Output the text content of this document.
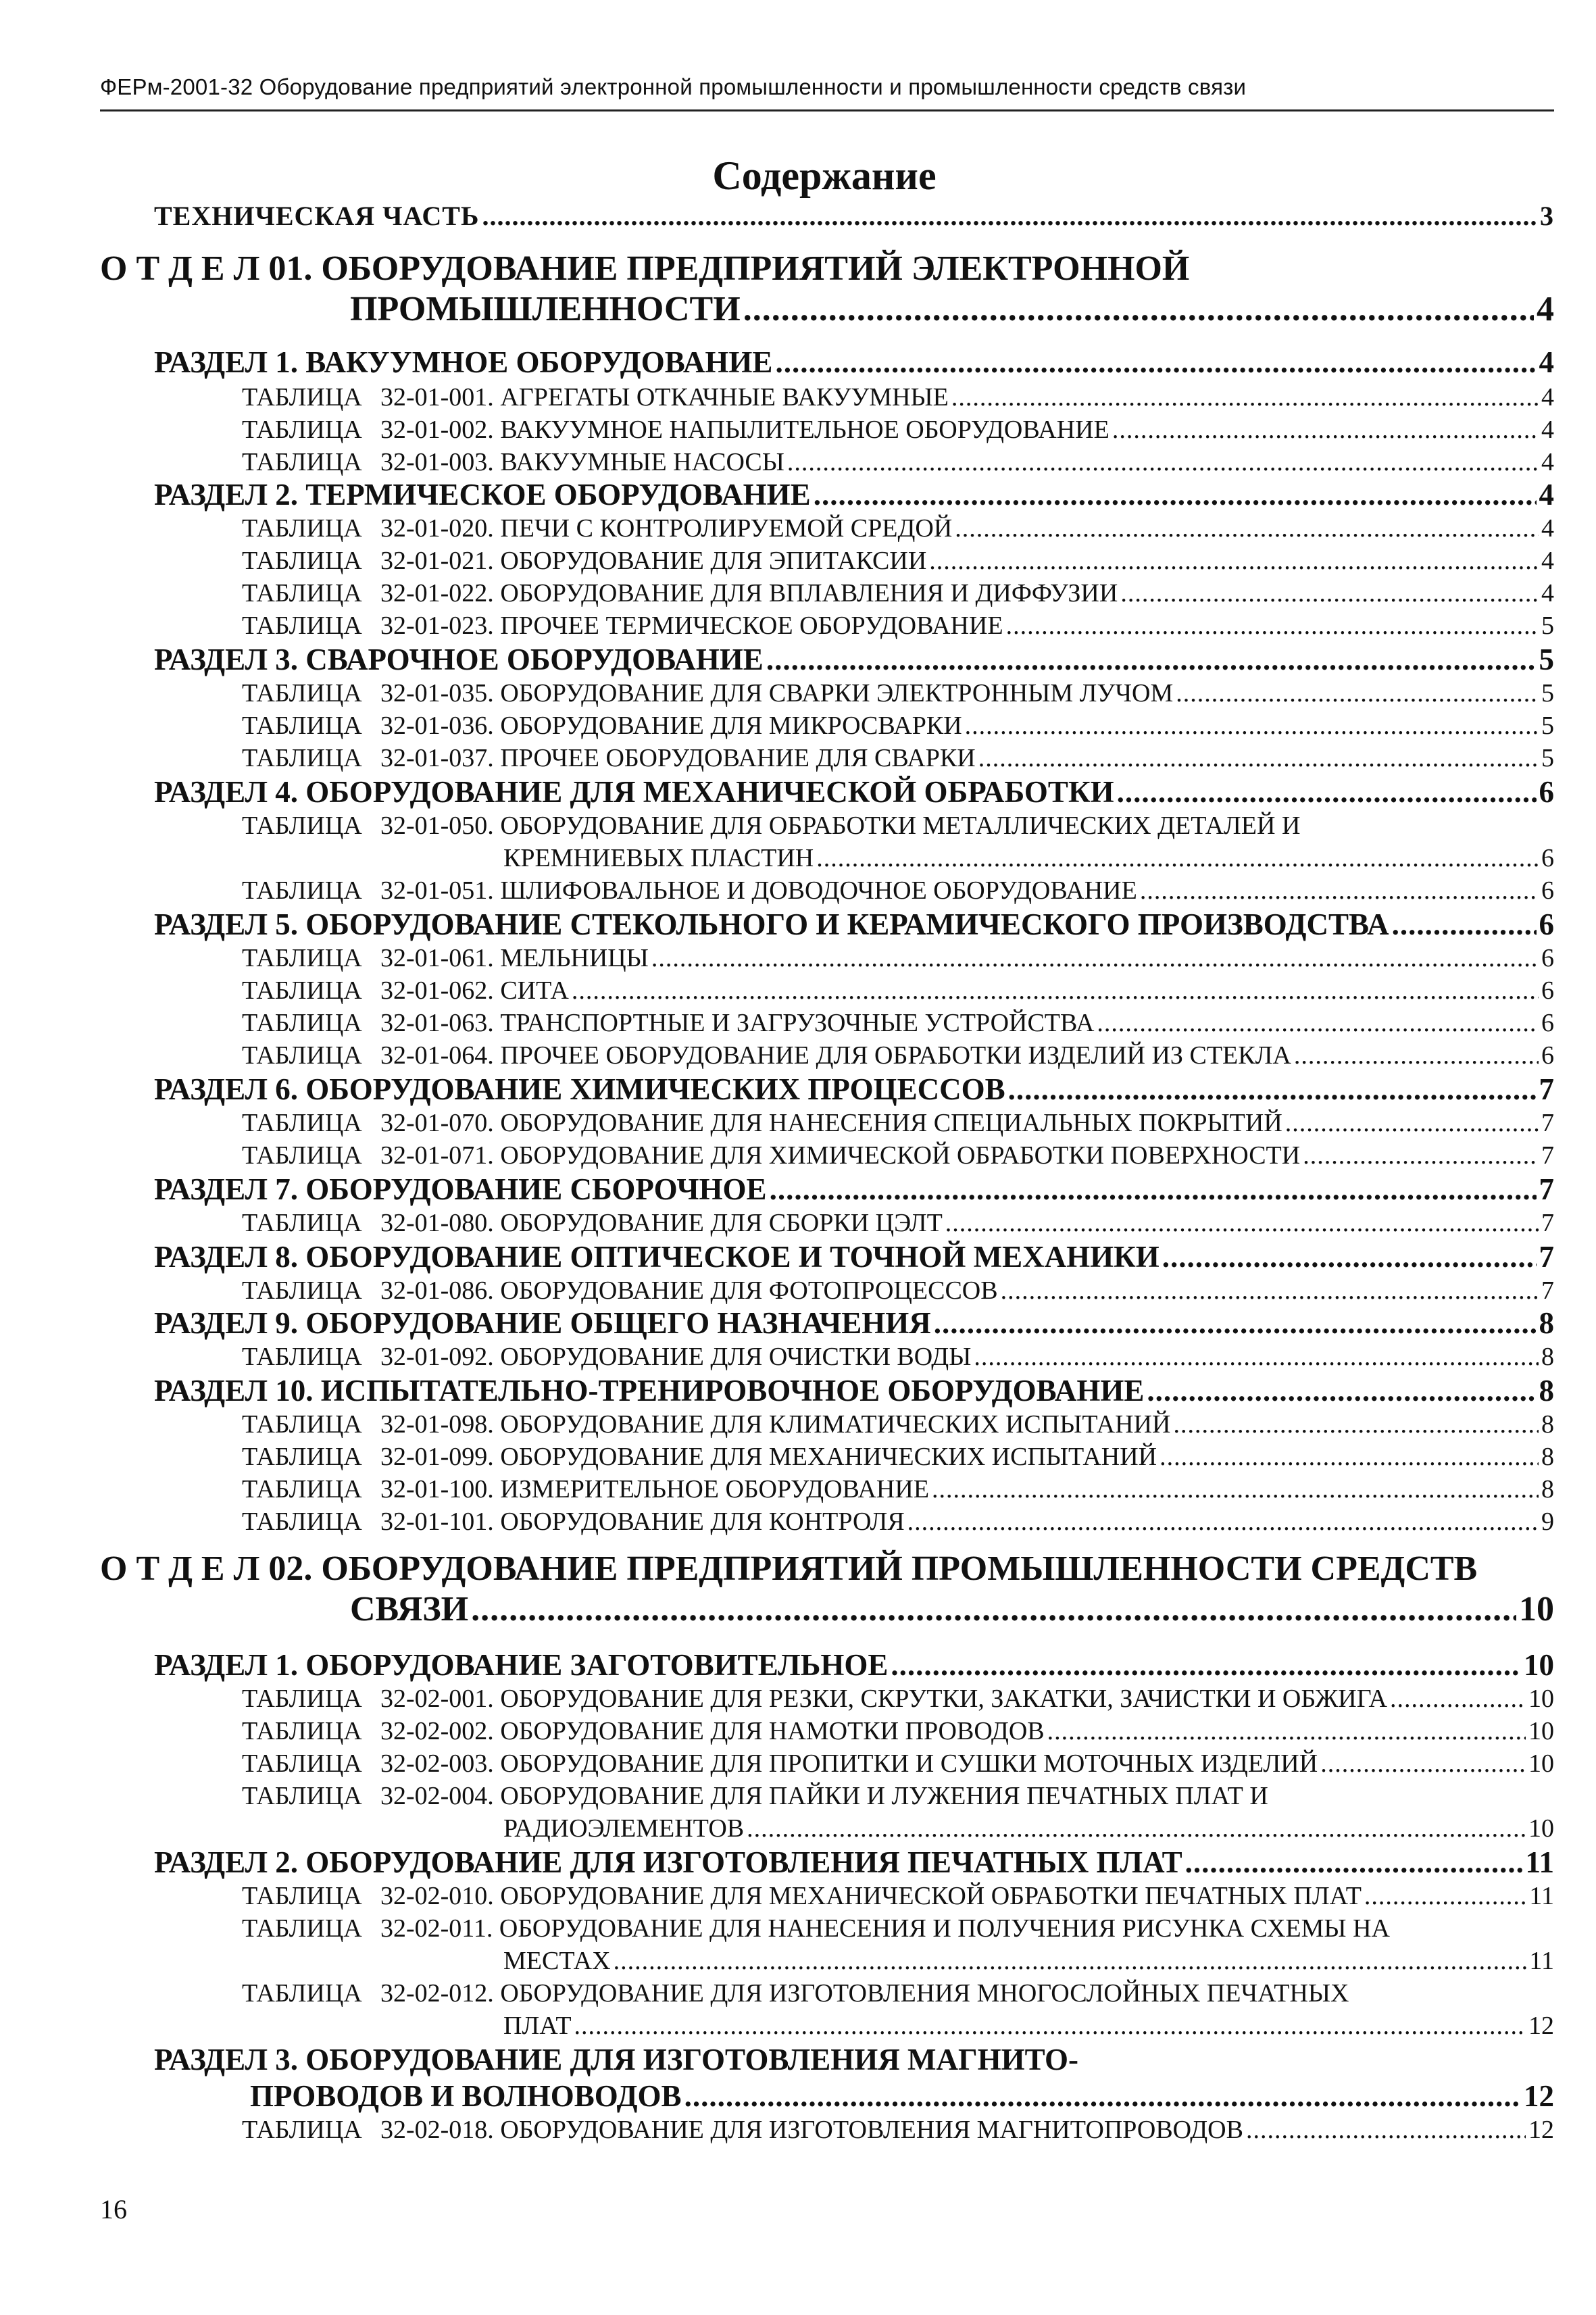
ФЕРм-2001-32 Оборудование предприятий электронной промышленности и промышленности средств связи
Содержание
ТЕХНИЧЕСКАЯ ЧАСТЬ .....	3
О Т Д Е Л 01. ОБОРУДОВАНИЕ ПРЕДПРИЯТИЙ ЭЛЕКТРОННОЙ
ПРОМЫШЛЕННОСТИ .....	4
РАЗДЕЛ 1. ВАКУУМНОЕ ОБОРУДОВАНИЕ .....	4
ТАБЛИЦА 32-01-001. АГРЕГАТЫ ОТКАЧНЫЕ ВАКУУМНЫЕ .....	4
ТАБЛИЦА 32-01-002. ВАКУУМНОЕ НАПЫЛИТЕЛЬНОЕ ОБОРУДОВАНИЕ .....	4
ТАБЛИЦА 32-01-003. ВАКУУМНЫЕ НАСОСЫ .....	4
РАЗДЕЛ 2. ТЕРМИЧЕСКОЕ ОБОРУДОВАНИЕ .....	4
ТАБЛИЦА 32-01-020. ПЕЧИ С КОНТРОЛИРУЕМОЙ СРЕДОЙ .....	4
ТАБЛИЦА 32-01-021. ОБОРУДОВАНИЕ ДЛЯ ЭПИТАКСИИ .....	4
ТАБЛИЦА 32-01-022. ОБОРУДОВАНИЕ ДЛЯ ВПЛАВЛЕНИЯ И ДИФФУЗИИ .....	4
ТАБЛИЦА 32-01-023. ПРОЧЕЕ ТЕРМИЧЕСКОЕ ОБОРУДОВАНИЕ .....	5
РАЗДЕЛ 3. СВАРОЧНОЕ ОБОРУДОВАНИЕ .....	5
ТАБЛИЦА 32-01-035. ОБОРУДОВАНИЕ ДЛЯ СВАРКИ ЭЛЕКТРОННЫМ ЛУЧОМ .....	5
ТАБЛИЦА 32-01-036. ОБОРУДОВАНИЕ ДЛЯ МИКРОСВАРКИ .....	5
ТАБЛИЦА 32-01-037. ПРОЧЕЕ ОБОРУДОВАНИЕ ДЛЯ СВАРКИ .....	5
РАЗДЕЛ 4. ОБОРУДОВАНИЕ ДЛЯ МЕХАНИЧЕСКОЙ ОБРАБОТКИ .....	6
ТАБЛИЦА 32-01-050. ОБОРУДОВАНИЕ ДЛЯ ОБРАБОТКИ МЕТАЛЛИЧЕСКИХ ДЕТАЛЕЙ И
КРЕМНИЕВЫХ ПЛАСТИН .....	6
ТАБЛИЦА 32-01-051. ШЛИФОВАЛЬНОЕ И ДОВОДОЧНОЕ ОБОРУДОВАНИЕ .....	6
РАЗДЕЛ 5. ОБОРУДОВАНИЕ СТЕКОЛЬНОГО И КЕРАМИЧЕСКОГО ПРОИЗВОДСТВА .....	6
ТАБЛИЦА 32-01-061. МЕЛЬНИЦЫ .....	6
ТАБЛИЦА 32-01-062. СИТА .....	6
ТАБЛИЦА 32-01-063. ТРАНСПОРТНЫЕ И ЗАГРУЗОЧНЫЕ УСТРОЙСТВА .....	6
ТАБЛИЦА 32-01-064. ПРОЧЕЕ ОБОРУДОВАНИЕ ДЛЯ ОБРАБОТКИ ИЗДЕЛИЙ ИЗ СТЕКЛА .....	6
РАЗДЕЛ 6. ОБОРУДОВАНИЕ ХИМИЧЕСКИХ ПРОЦЕССОВ .....	7
ТАБЛИЦА 32-01-070. ОБОРУДОВАНИЕ ДЛЯ НАНЕСЕНИЯ СПЕЦИАЛЬНЫХ ПОКРЫТИЙ .....	7
ТАБЛИЦА 32-01-071. ОБОРУДОВАНИЕ ДЛЯ ХИМИЧЕСКОЙ ОБРАБОТКИ ПОВЕРХНОСТИ .....	7
РАЗДЕЛ 7. ОБОРУДОВАНИЕ СБОРОЧНОЕ .....	7
ТАБЛИЦА 32-01-080. ОБОРУДОВАНИЕ ДЛЯ СБОРКИ ЦЭЛТ .....	7
РАЗДЕЛ 8. ОБОРУДОВАНИЕ ОПТИЧЕСКОЕ И ТОЧНОЙ МЕХАНИКИ .....	7
ТАБЛИЦА 32-01-086. ОБОРУДОВАНИЕ ДЛЯ ФОТОПРОЦЕССОВ .....	7
РАЗДЕЛ 9. ОБОРУДОВАНИЕ ОБЩЕГО НАЗНАЧЕНИЯ .....	8
ТАБЛИЦА 32-01-092. ОБОРУДОВАНИЕ ДЛЯ ОЧИСТКИ ВОДЫ .....	8
РАЗДЕЛ 10. ИСПЫТАТЕЛЬНО-ТРЕНИРОВОЧНОЕ ОБОРУДОВАНИЕ .....	8
ТАБЛИЦА 32-01-098. ОБОРУДОВАНИЕ ДЛЯ КЛИМАТИЧЕСКИХ ИСПЫТАНИЙ .....	8
ТАБЛИЦА 32-01-099. ОБОРУДОВАНИЕ ДЛЯ МЕХАНИЧЕСКИХ ИСПЫТАНИЙ .....	8
ТАБЛИЦА 32-01-100. ИЗМЕРИТЕЛЬНОЕ ОБОРУДОВАНИЕ .....	8
ТАБЛИЦА 32-01-101. ОБОРУДОВАНИЕ ДЛЯ КОНТРОЛЯ .....	9
О Т Д Е Л 02. ОБОРУДОВАНИЕ ПРЕДПРИЯТИЙ ПРОМЫШЛЕННОСТИ СРЕДСТВ
СВЯЗИ .....	10
РАЗДЕЛ 1. ОБОРУДОВАНИЕ ЗАГОТОВИТЕЛЬНОЕ .....	10
ТАБЛИЦА 32-02-001. ОБОРУДОВАНИЕ ДЛЯ РЕЗКИ, СКРУТКИ, ЗАКАТКИ, ЗАЧИСТКИ И ОБЖИГА .....	10
ТАБЛИЦА 32-02-002. ОБОРУДОВАНИЕ ДЛЯ НАМОТКИ ПРОВОДОВ .....	10
ТАБЛИЦА 32-02-003. ОБОРУДОВАНИЕ ДЛЯ ПРОПИТКИ И СУШКИ МОТОЧНЫХ ИЗДЕЛИЙ .....	10
ТАБЛИЦА 32-02-004. ОБОРУДОВАНИЕ ДЛЯ ПАЙКИ И ЛУЖЕНИЯ ПЕЧАТНЫХ ПЛАТ И
РАДИОЭЛЕМЕНТОВ .....	10
РАЗДЕЛ 2. ОБОРУДОВАНИЕ ДЛЯ ИЗГОТОВЛЕНИЯ ПЕЧАТНЫХ ПЛАТ .....	11
ТАБЛИЦА 32-02-010. ОБОРУДОВАНИЕ ДЛЯ МЕХАНИЧЕСКОЙ ОБРАБОТКИ ПЕЧАТНЫХ ПЛАТ .....	11
ТАБЛИЦА 32-02-011. ОБОРУДОВАНИЕ ДЛЯ НАНЕСЕНИЯ И ПОЛУЧЕНИЯ РИСУНКА СХЕМЫ НА
МЕСТАХ .....	11
ТАБЛИЦА 32-02-012. ОБОРУДОВАНИЕ ДЛЯ ИЗГОТОВЛЕНИЯ МНОГОСЛОЙНЫХ ПЕЧАТНЫХ
ПЛАТ .....	12
РАЗДЕЛ 3. ОБОРУДОВАНИЕ ДЛЯ ИЗГОТОВЛЕНИЯ МАГНИТО-
ПРОВОДОВ И ВОЛНОВОДОВ .....	12
ТАБЛИЦА 32-02-018. ОБОРУДОВАНИЕ ДЛЯ ИЗГОТОВЛЕНИЯ МАГНИТОПРОВОДОВ .....	12
16
